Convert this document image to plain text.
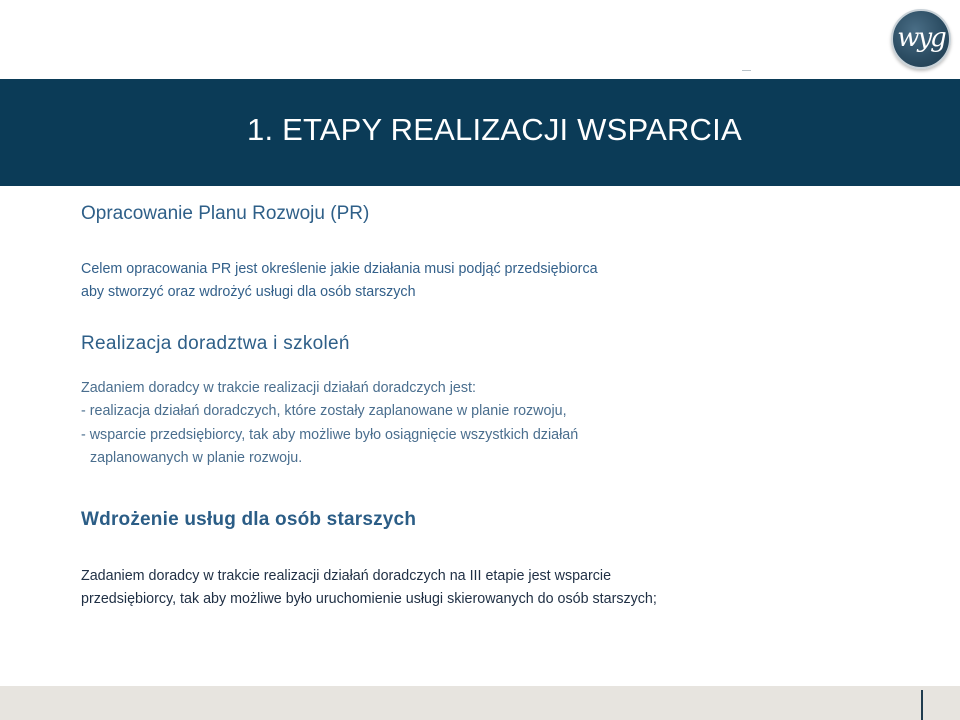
wyg
1. ETAPY REALIZACJI WSPARCIA
Opracowanie Planu Rozwoju (PR)
Celem opracowania PR jest określenie jakie działania musi podjąć przedsiębiorca
aby stworzyć oraz wdrożyć usługi dla osób starszych
Realizacja doradztwa i szkoleń
Zadaniem doradcy w trakcie realizacji działań doradczych jest:
- realizacja działań doradczych, które zostały zaplanowane w planie rozwoju,
- wsparcie przedsiębiorcy, tak aby możliwe było osiągnięcie wszystkich działań
zaplanowanych w planie rozwoju.
Wdrożenie usług dla osób starszych
Zadaniem doradcy w trakcie realizacji działań doradczych na III etapie jest wsparcie
przedsiębiorcy, tak aby możliwe było uruchomienie usługi skierowanych do osób starszych;
